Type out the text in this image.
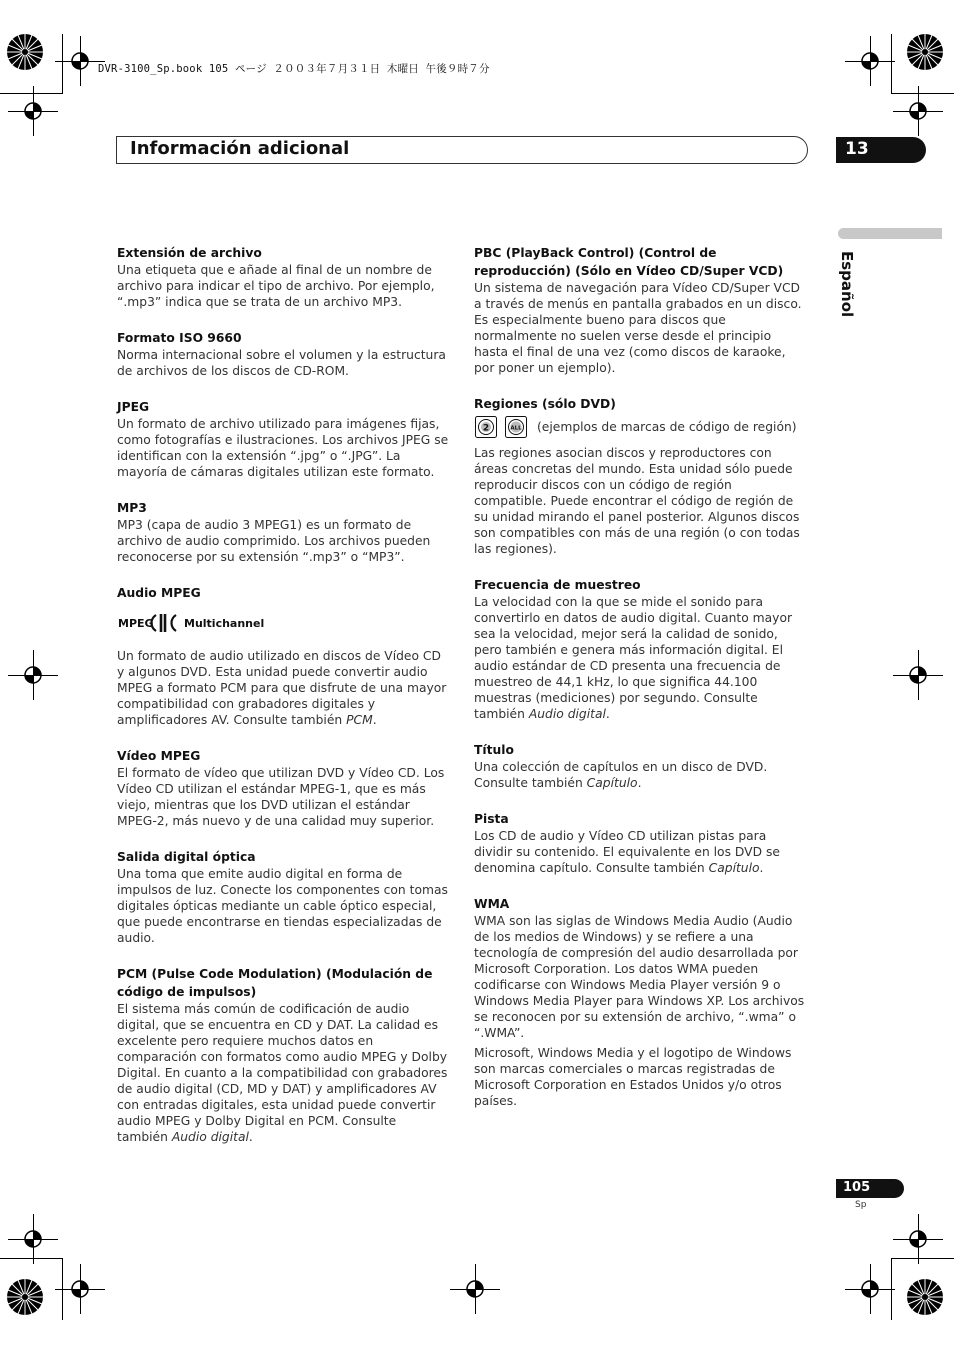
DVR-3100_Sp.book 105 ページ ２００３年７月３１日 木曜日 午後９時７分
Información adicional	13
Español
Extensión de archivo

Una etiqueta que e añade al final de un nombre de archivo para indicar el tipo de archivo. Por ejemplo, “.mp3” indica que se trata de un archivo MP3.

Formato ISO 9660

Norma internacional sobre el volumen y la estructura de archivos de los discos de CD-ROM.

JPEG

Un formato de archivo utilizado para imágenes fijas, como fotografías e ilustraciones. Los archivos JPEG se identifican con la extensión “.jpg” o “.JPG”. La mayoría de cámaras digitales utilizan este formato.

MP3

MP3 (capa de audio 3 MPEG1) es un formato de archivo de audio comprimido. Los archivos pueden reconocerse por su extensión “.mp3” o “MP3”.

Audio MPEG
MPEG	Multichannel

Un formato de audio utilizado en discos de Vídeo CD y algunos DVD. Esta unidad puede convertir audio MPEG a formato PCM para que disfrute de una mayor compatibilidad con grabadores digitales y amplificadores AV. Consulte también PCM.

Vídeo MPEG

El formato de vídeo que utilizan DVD y Vídeo CD. Los Vídeo CD utilizan el estándar MPEG-1, que es más viejo, mientras que los DVD utilizan el estándar MPEG-2, más nuevo y de una calidad muy superior.

Salida digital óptica

Una toma que emite audio digital en forma de impulsos de luz. Conecte los componentes con tomas digitales ópticas mediante un cable óptico especial, que puede encontrarse en tiendas especializadas de audio.

PCM (Pulse Code Modulation) (Modulación de código de impulsos)

El sistema más común de codificación de audio digital, que se encuentra en CD y DAT. La calidad es excelente pero requiere muchos datos en comparación con formatos como audio MPEG y Dolby Digital. En cuanto a la compatibilidad con grabadores de audio digital (CD, MD y DAT) y amplificadores AV con entradas digitales, esta unidad puede convertir audio MPEG y Dolby Digital en PCM. Consulte también Audio digital.

PBC (PlayBack Control) (Control de reproducción) (Sólo en Vídeo CD/Super VCD)

Un sistema de navegación para Vídeo CD/Super VCD a través de menús en pantalla grabados en un disco. Es especialmente bueno para discos que normalmente no suelen verse desde el principio hasta el final de una vez (como discos de karaoke, por poner un ejemplo).

Regiones (sólo DVD)
2	ALL (ejemplos de marcas de código de región)

Las regiones asocian discos y reproductores con áreas concretas del mundo. Esta unidad sólo puede reproducir discos con un código de región compatible. Puede encontrar el código de región de su unidad mirando el panel posterior. Algunos discos son compatibles con más de una región (o con todas las regiones).

Frecuencia de muestreo

La velocidad con la que se mide el sonido para convertirlo en datos de audio digital. Cuanto mayor sea la velocidad, mejor será la calidad de sonido, pero también e genera más información digital. El audio estándar de CD presenta una frecuencia de muestreo de 44,1 kHz, lo que significa 44.100 muestras (mediciones) por segundo. Consulte también Audio digital.

Título

Una colección de capítulos en un disco de DVD. Consulte también Capítulo.

Pista

Los CD de audio y Vídeo CD utilizan pistas para dividir su contenido. El equivalente en los DVD se denomina capítulo. Consulte también Capítulo.

WMA

WMA son las siglas de Windows Media Audio (Audio de los medios de Windows) y se refiere a una tecnología de compresión del audio desarrollada por Microsoft Corporation. Los datos WMA pueden codificarse con Windows Media Player versión 9 o Windows Media Player para Windows XP. Los archivos se reconocen por su extensión de archivo, “.wma” o “.WMA”.

Microsoft, Windows Media y el logotipo de Windows son marcas comerciales o marcas registradas de Microsoft Corporation en Estados Unidos y/o otros países.

105
Sp
